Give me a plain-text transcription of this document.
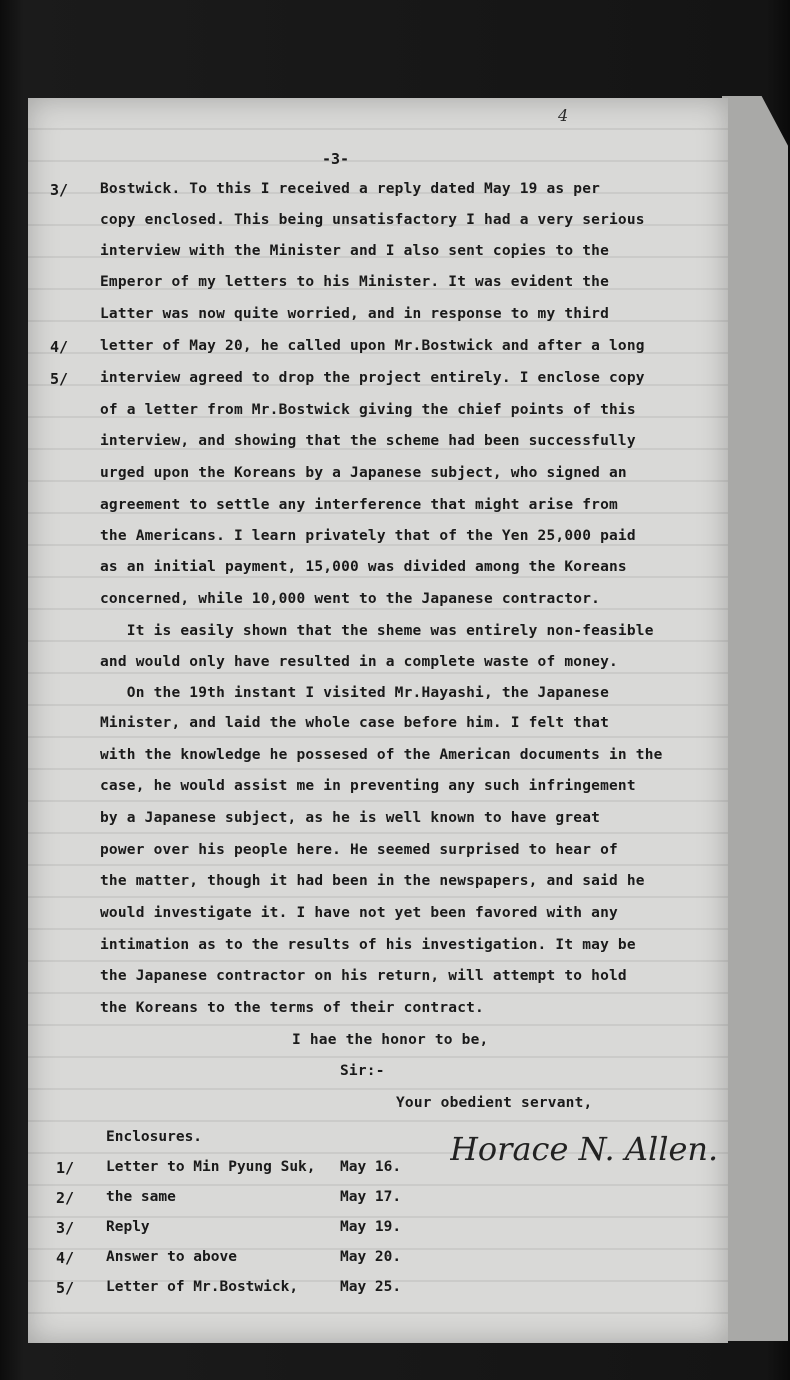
4
-3-
3/
4/
5/
Bostwick. To this I received a reply dated May 19 as per
copy enclosed. This being unsatisfactory I had a very serious
interview with the Minister and I also sent copies to the
Emperor of my letters to his Minister. It was evident the
Latter was now quite worried, and in response to my third
letter of May 20, he called upon Mr.Bostwick and after a long
interview agreed to drop the project entirely. I enclose copy
of a letter from Mr.Bostwick giving the chief points of this
interview, and showing that the scheme had been successfully
urged upon the Koreans by a Japanese subject, who signed an
agreement to settle any interference that might arise from
the Americans. I learn privately that of the Yen 25,000 paid
as an initial payment, 15,000 was divided among the Koreans
concerned, while 10,000 went to the Japanese contractor.
It is easily shown that the sheme was entirely non-feasible
and would only have resulted in a complete waste of money.
On the 19th instant I visited Mr.Hayashi, the Japanese
Minister, and laid the whole case before him. I felt that
with the knowledge he possesed of the American documents in the
case, he would assist me in preventing any such infringement
by a Japanese subject, as he is well known to have great
power over his people here. He seemed surprised to hear of
the matter, though it had been in the newspapers, and said he
would investigate it. I have not yet been favored with any
intimation as to the results of his investigation. It may be
the Japanese contractor on his return, will attempt to hold
the Koreans to the terms of their contract.
I hae the honor to be,
Sir:-
Your obedient servant,
Horace N. Allen.
Enclosures.
1/ Letter to Min Pyung Suk, May 16.
2/ the same	May 17.
3/ Reply	May 19.
4/ Answer to above	May 20.
5/ Letter of Mr.Bostwick,	May 25.
